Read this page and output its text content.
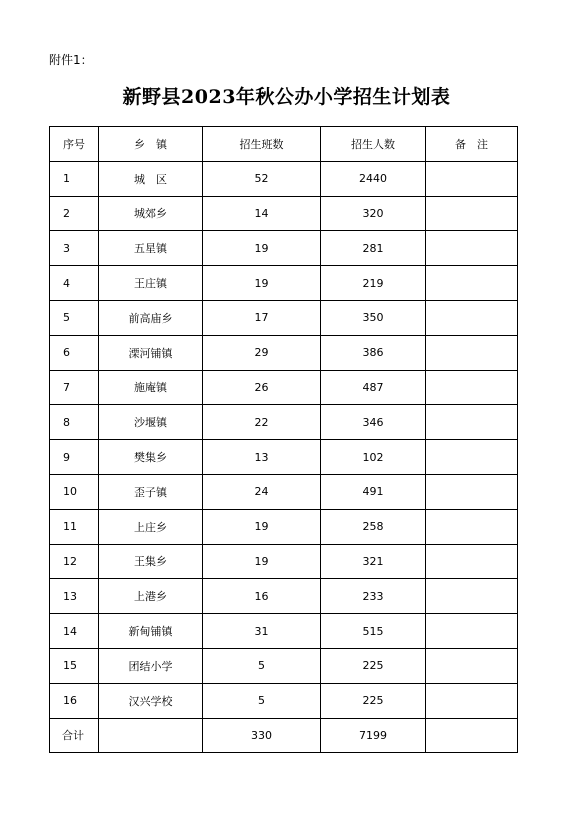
附件1：
新野县2023年秋公办小学招生计划表
序号	乡　镇	招生班数	招生人数	备　注
1	城　区	52	2440	
2	城郊乡	14	320	
3	五星镇	19	281	
4	王庄镇	19	219	
5	前高庙乡	17	350	
6	溧河铺镇	29	386	
7	施庵镇	26	487	
8	沙堰镇	22	346	
9	樊集乡	13	102	
10	歪子镇	24	491	
11	上庄乡	19	258	
12	王集乡	19	321	
13	上港乡	16	233	
14	新甸铺镇	31	515	
15	团结小学	5	225	
16	汉兴学校	5	225	
合计		330	7199	
